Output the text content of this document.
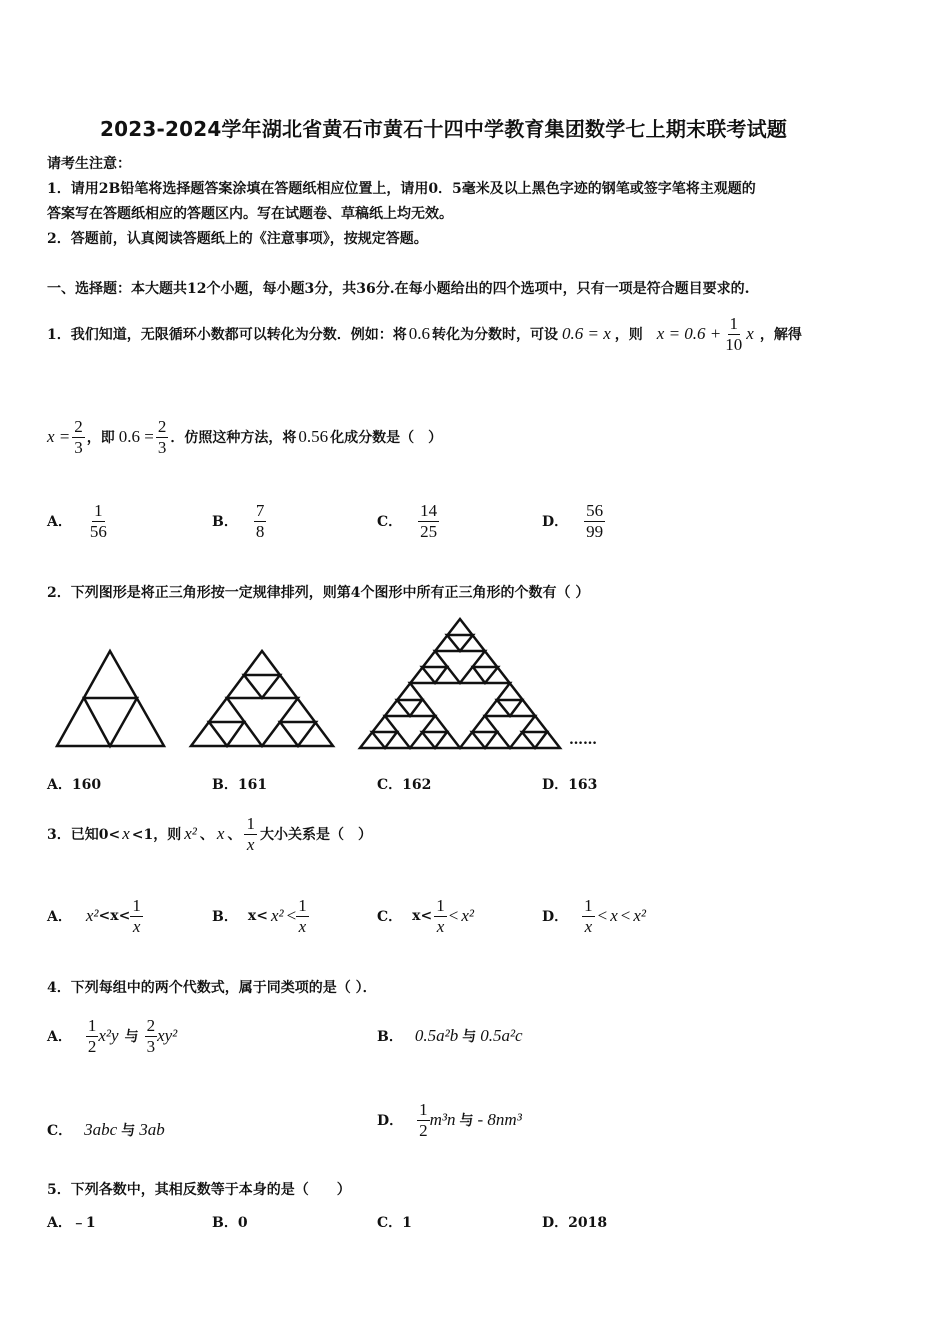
2023-2024学年湖北省黄石市黄石十四中学教育集团数学七上期末联考试题
请考生注意：
1．请用2B铅笔将选择题答案涂填在答题纸相应位置上，请用0．5毫米及以上黑色字迹的钢笔或签字笔将主观题的
答案写在答题纸相应的答题区内。写在试题卷、草稿纸上均无效。
2．答题前，认真阅读答题纸上的《注意事项》，按规定答题。
一、选择题：本大题共12个小题，每小题3分，共36分.在每小题给出的四个选项中，只有一项是符合题目要求的.
1．我们知道，无限循环小数都可以转化为分数．例如：将 0.6 转化为分数时，可设 0.6 = x ，则 $x = 0.6 + \frac{1}{10}$ x ，解得
$x = \frac{2}{3}$ ，即 $0.6 = \frac{2}{3}$ ．仿照这种方法，将 0.56 化成分数是（　）
A． $\frac{1}{56}$	B． $\frac{7}{8}$	C． $\frac{14}{25}$	D． $\frac{56}{99}$
2．下列图形是将正三角形按一定规律排列，则第4个图形中所有正三角形的个数有（ ）
……
A．160	B．161	C．162	D．163
3．已知0< x <1，则 x² 、 x 、 $\frac{1}{x}$ 大小关系是（　）
A． $x^2 < x < \frac{1}{x}$	B． $x < x^2 < \frac{1}{x}$	C． $x < \frac{1}{x} < x^2$	D． $\frac{1}{x} < x < x^2$
4．下列每组中的两个代数式，属于同类项的是（ ）．
A． $\frac{1}{2} x^2y$ 与 $\frac{2}{3} xy^2$	B． 0.5a²b 与 0.5a²c
C． 3abc 与 3ab	D． $\frac{1}{2} m^3n$ 与 - 8nm³
5．下列各数中，其相反数等于本身的是（　　）
A．﹣1	B．0	C．1	D．2018
